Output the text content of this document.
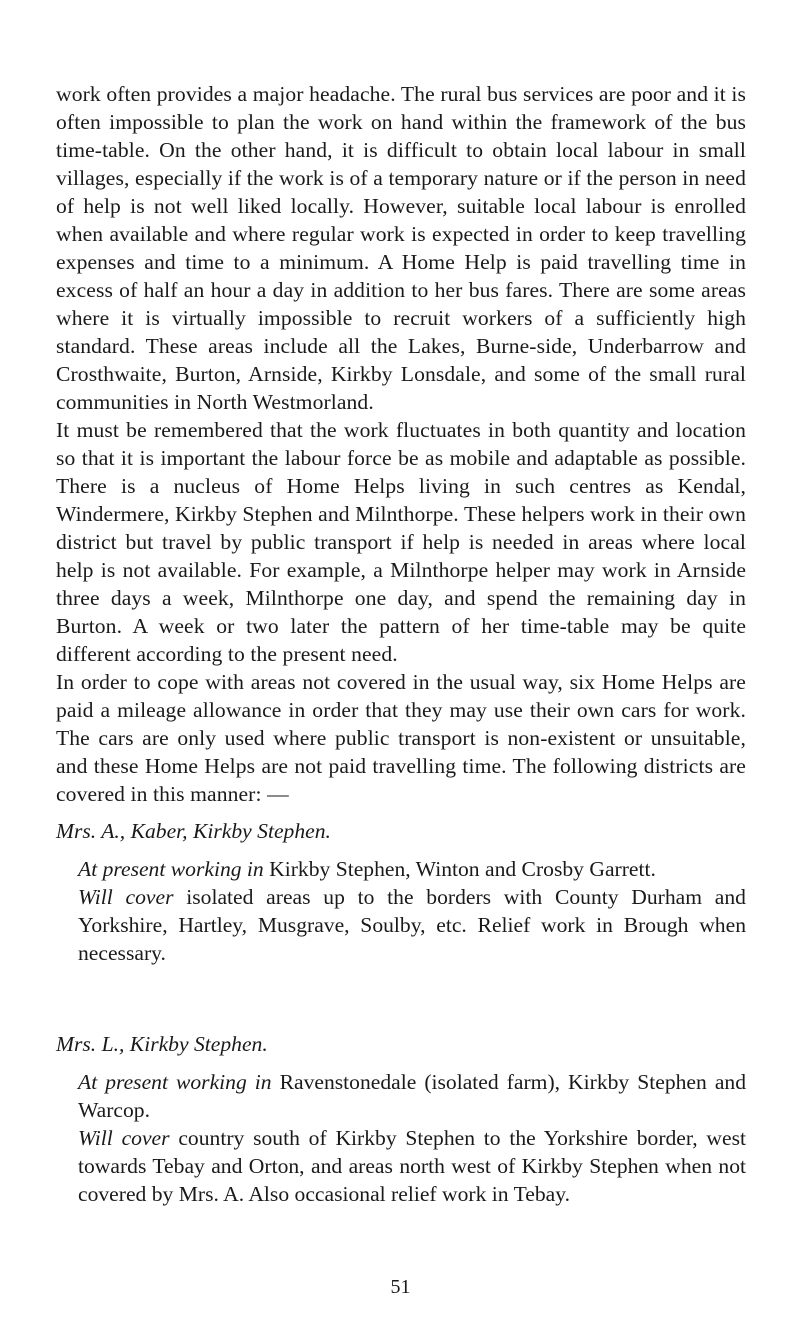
work often provides a major headache. The rural bus services are poor and it is often impossible to plan the work on hand within the framework of the bus time-table. On the other hand, it is difficult to obtain local labour in small villages, especially if the work is of a temporary nature or if the person in need of help is not well liked locally. However, suitable local labour is enrolled when available and where regular work is expected in order to keep travelling expenses and time to a minimum. A Home Help is paid travelling time in excess of half an hour a day in addition to her bus fares. There are some areas where it is virtually impossible to recruit workers of a sufficiently high standard. These areas include all the Lakes, Burne-side, Underbarrow and Crosthwaite, Burton, Arnside, Kirkby Lonsdale, and some of the small rural communities in North Westmorland.

It must be remembered that the work fluctuates in both quantity and location so that it is important the labour force be as mobile and adaptable as possible. There is a nucleus of Home Helps living in such centres as Kendal, Windermere, Kirkby Stephen and Milnthorpe. These helpers work in their own district but travel by public transport if help is needed in areas where local help is not available. For example, a Milnthorpe helper may work in Arnside three days a week, Milnthorpe one day, and spend the remaining day in Burton. A week or two later the pattern of her time-table may be quite different according to the present need.

In order to cope with areas not covered in the usual way, six Home Helps are paid a mileage allowance in order that they may use their own cars for work. The cars are only used where public transport is non-existent or unsuitable, and these Home Helps are not paid travelling time. The following districts are covered in this manner: —

Mrs. A., Kaber, Kirkby Stephen.

At present working in Kirkby Stephen, Winton and Crosby Garrett.

Will cover isolated areas up to the borders with County Durham and Yorkshire, Hartley, Musgrave, Soulby, etc. Relief work in Brough when necessary.

Mrs. L., Kirkby Stephen.

At present working in Ravenstonedale (isolated farm), Kirkby Stephen and Warcop.

Will cover country south of Kirkby Stephen to the Yorkshire border, west towards Tebay and Orton, and areas north west of Kirkby Stephen when not covered by Mrs. A. Also occasional relief work in Tebay.

51
